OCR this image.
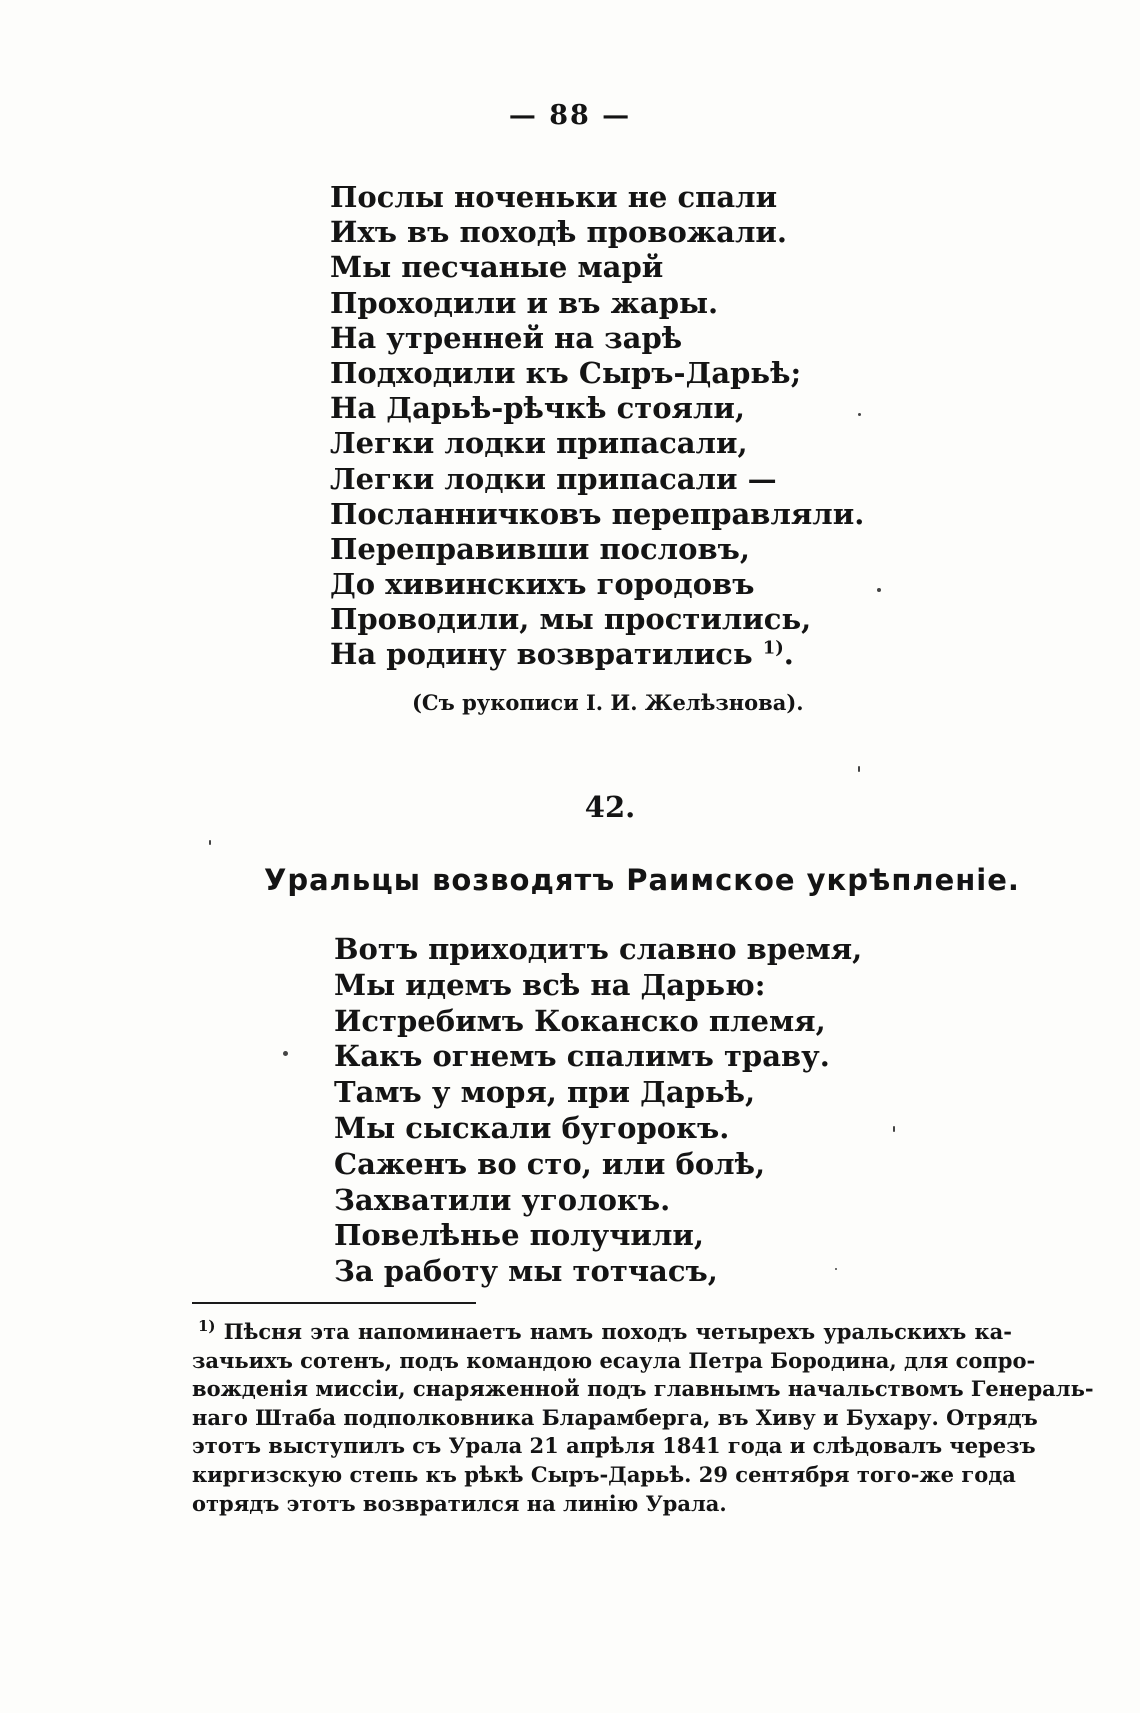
— 88 —
Послы ноченьки не спали
Ихъ въ походѣ провожали.
Мы песчаные марй
Проходили и въ жары.
На утренней на зарѣ
Подходили къ Сыръ-Дарьѣ;
На Дарьѣ-рѣчкѣ стояли,
Легки лодки припасали,
Легки лодки припасали —
Посланничковъ переправляли.
Переправивши пословъ,
До хивинскихъ городовъ
Проводили, мы простились,
На родину возвратились $^{1)}$.
(Съ рукописи І. И. Желѣзнова).
42.
Уральцы возводятъ Раимское укрѣпленіе.
Вотъ приходитъ славно время,
Мы идемъ всѣ на Дарью:
Истребимъ Коканско племя,
Какъ огнемъ спалимъ траву.
Тамъ у моря, при Дарьѣ,
Мы сыскали бугорокъ.
Саженъ во сто, или болѣ,
Захватили уголокъ.
Повелѣнье получили,
За работу мы тотчасъ,
$^{1)}$ Пѣсня эта напоминаетъ намъ походъ четырехъ уральскихъ ка-
зачьихъ сотенъ, подъ командою есаула Петра Бородина, для сопро-
вожденія миссіи, снаряженной подъ главнымъ начальствомъ Генераль-
наго Штаба подполковника Бларамберга, въ Хиву и Бухару. Отрядъ
этотъ выступилъ съ Урала 21 апрѣля 1841 года и слѣдовалъ черезъ
киргизскую степь къ рѣкѣ Сыръ-Дарьѣ. 29 сентября того-же года
отрядъ этотъ возвратился на линію Урала.
